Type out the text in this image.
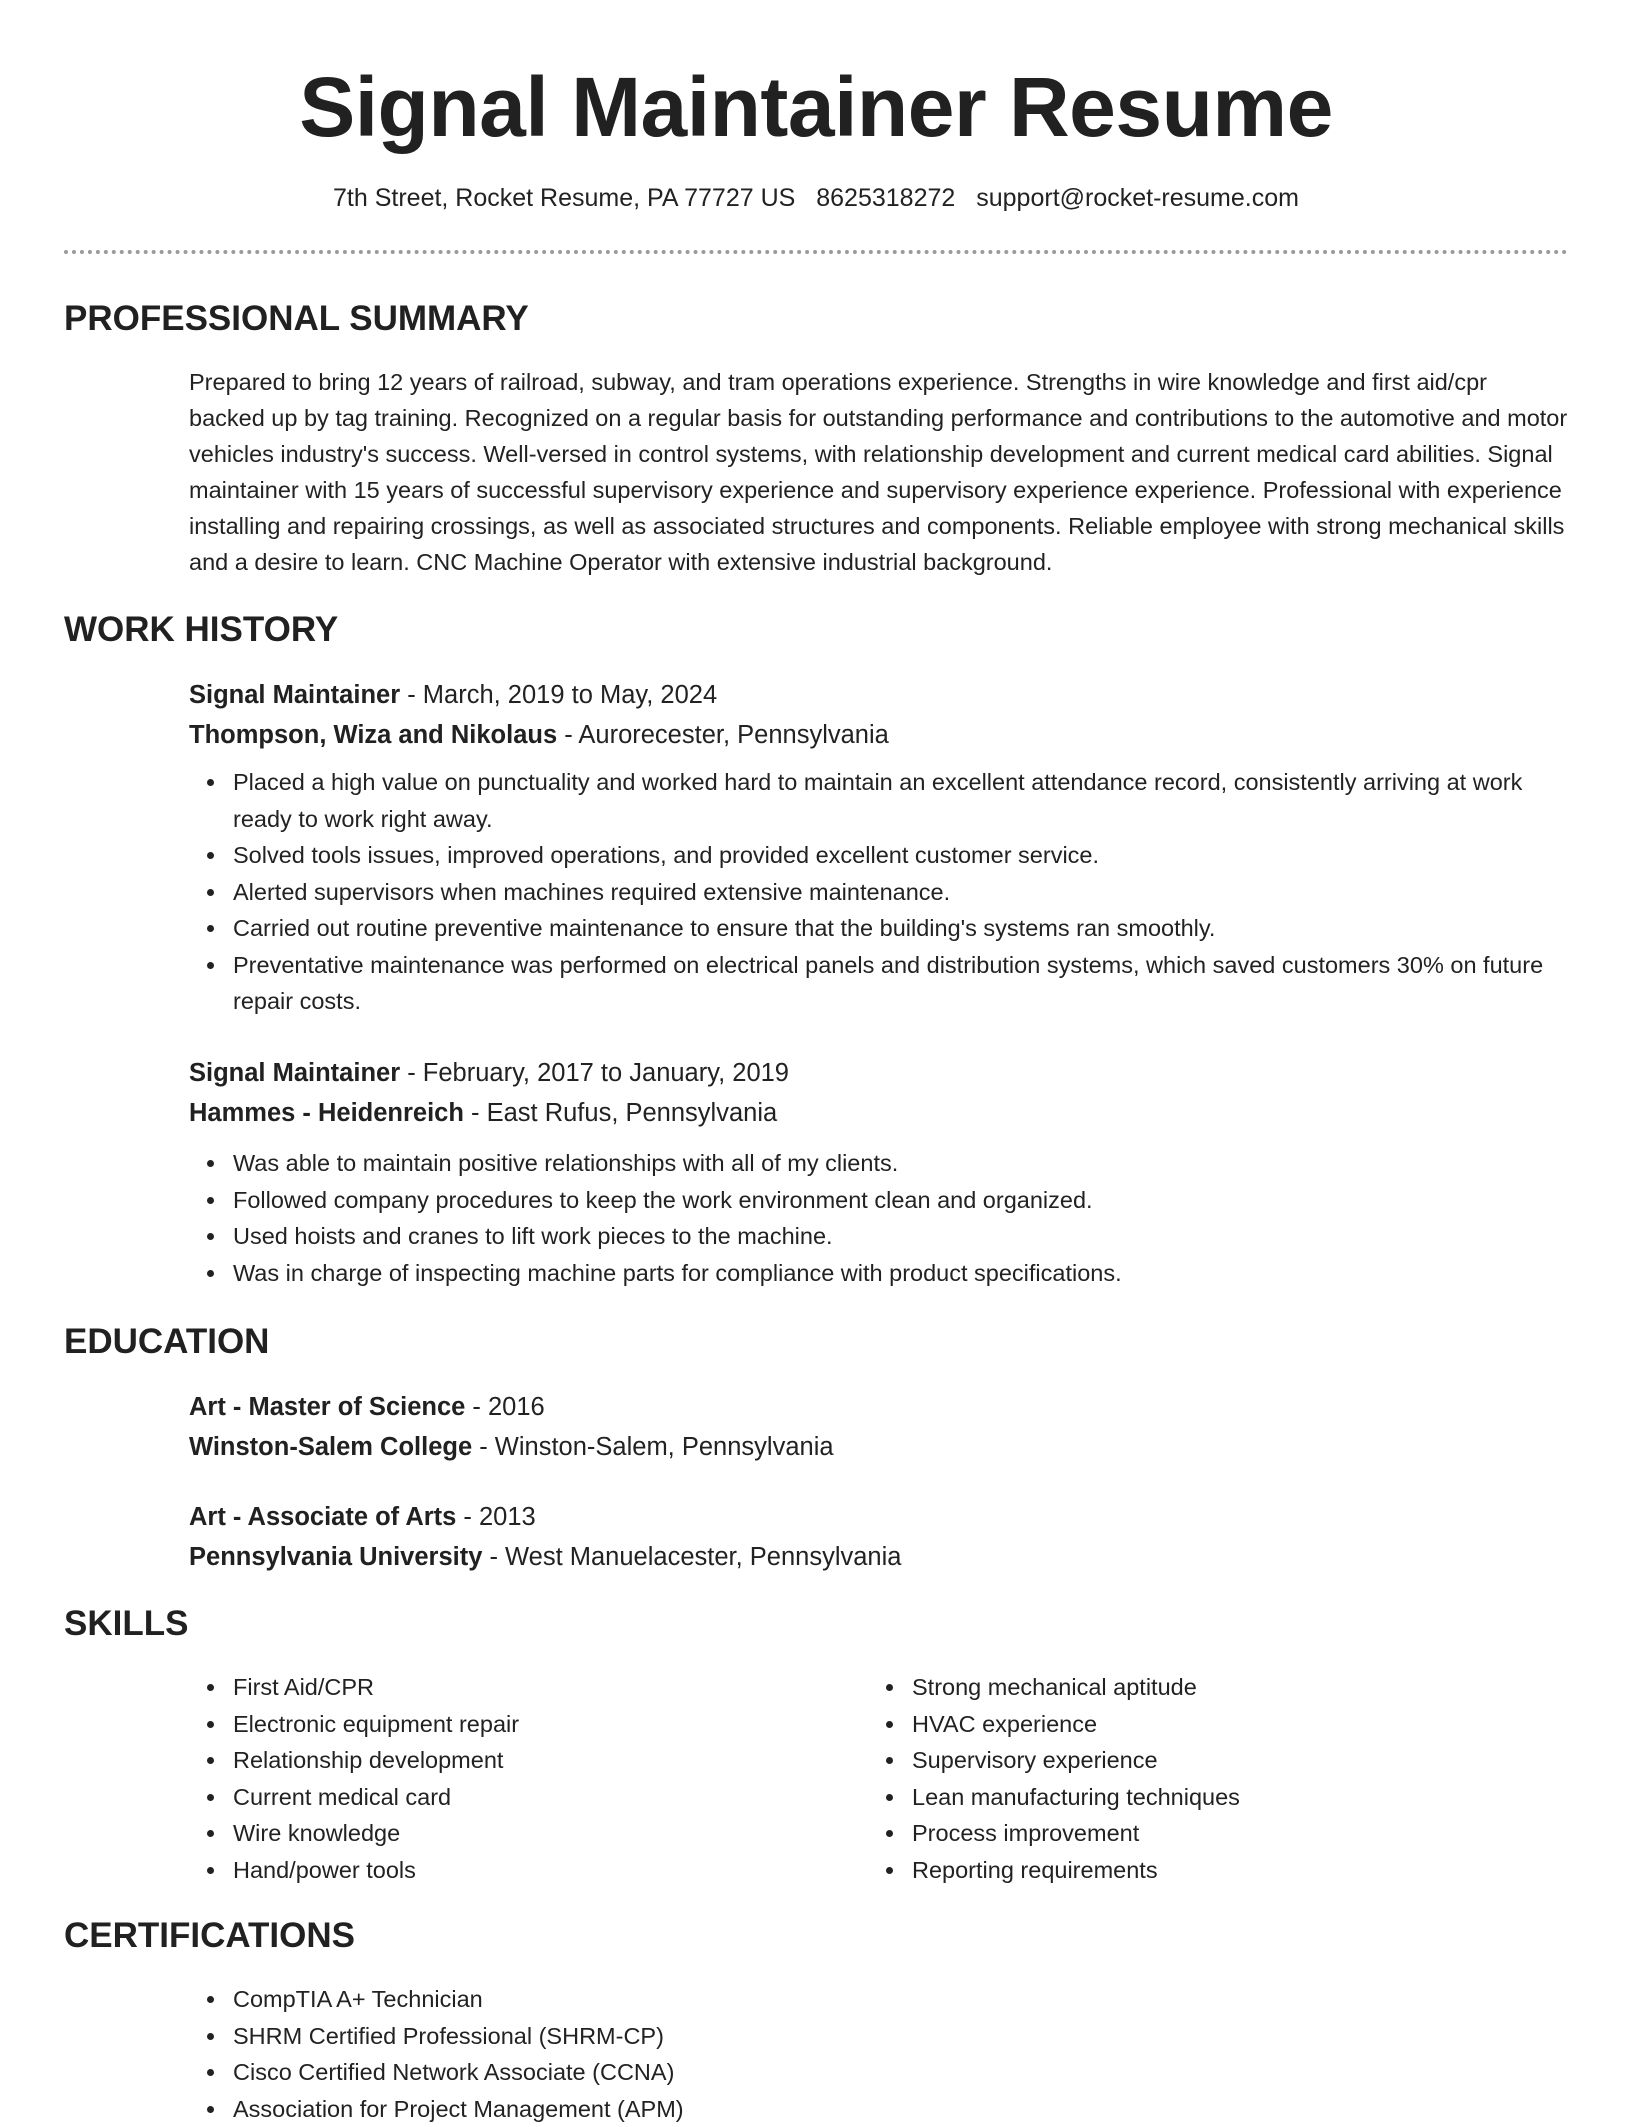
Signal Maintainer Resume
7th Street, Rocket Resume, PA 77727 US 8625318272 support@rocket-resume.com
PROFESSIONAL SUMMARY

Prepared to bring 12 years of railroad, subway, and tram operations experience. Strengths in wire knowledge and first aid/cpr backed up by tag training. Recognized on a regular basis for outstanding performance and contributions to the automotive and motor vehicles industry's success. Well-versed in control systems, with relationship development and current medical card abilities. Signal maintainer with 15 years of successful supervisory experience and supervisory experience experience. Professional with experience installing and repairing crossings, as well as associated structures and components. Reliable employee with strong mechanical skills and a desire to learn. CNC Machine Operator with extensive industrial background.

WORK HISTORY
Signal Maintainer - March, 2019 to May, 2024
Thompson, Wiza and Nikolaus - Aurorecester, Pennsylvania
Placed a high value on punctuality and worked hard to maintain an excellent attendance record, consistently arriving at work ready to work right away.
Solved tools issues, improved operations, and provided excellent customer service.
Alerted supervisors when machines required extensive maintenance.
Carried out routine preventive maintenance to ensure that the building's systems ran smoothly.
Preventative maintenance was performed on electrical panels and distribution systems, which saved customers 30% on future repair costs.
Signal Maintainer - February, 2017 to January, 2019
Hammes - Heidenreich - East Rufus, Pennsylvania
Was able to maintain positive relationships with all of my clients.
Followed company procedures to keep the work environment clean and organized.
Used hoists and cranes to lift work pieces to the machine.
Was in charge of inspecting machine parts for compliance with product specifications.
EDUCATION
Art - Master of Science - 2016
Winston-Salem College - Winston-Salem, Pennsylvania
Art - Associate of Arts - 2013
Pennsylvania University - West Manuelacester, Pennsylvania
SKILLS
First Aid/CPR
Electronic equipment repair
Relationship development
Current medical card
Wire knowledge
Hand/power tools
Strong mechanical aptitude
HVAC experience
Supervisory experience
Lean manufacturing techniques
Process improvement
Reporting requirements
CERTIFICATIONS
CompTIA A+ Technician
SHRM Certified Professional (SHRM-CP)
Cisco Certified Network Associate (CCNA)
Association for Project Management (APM)
